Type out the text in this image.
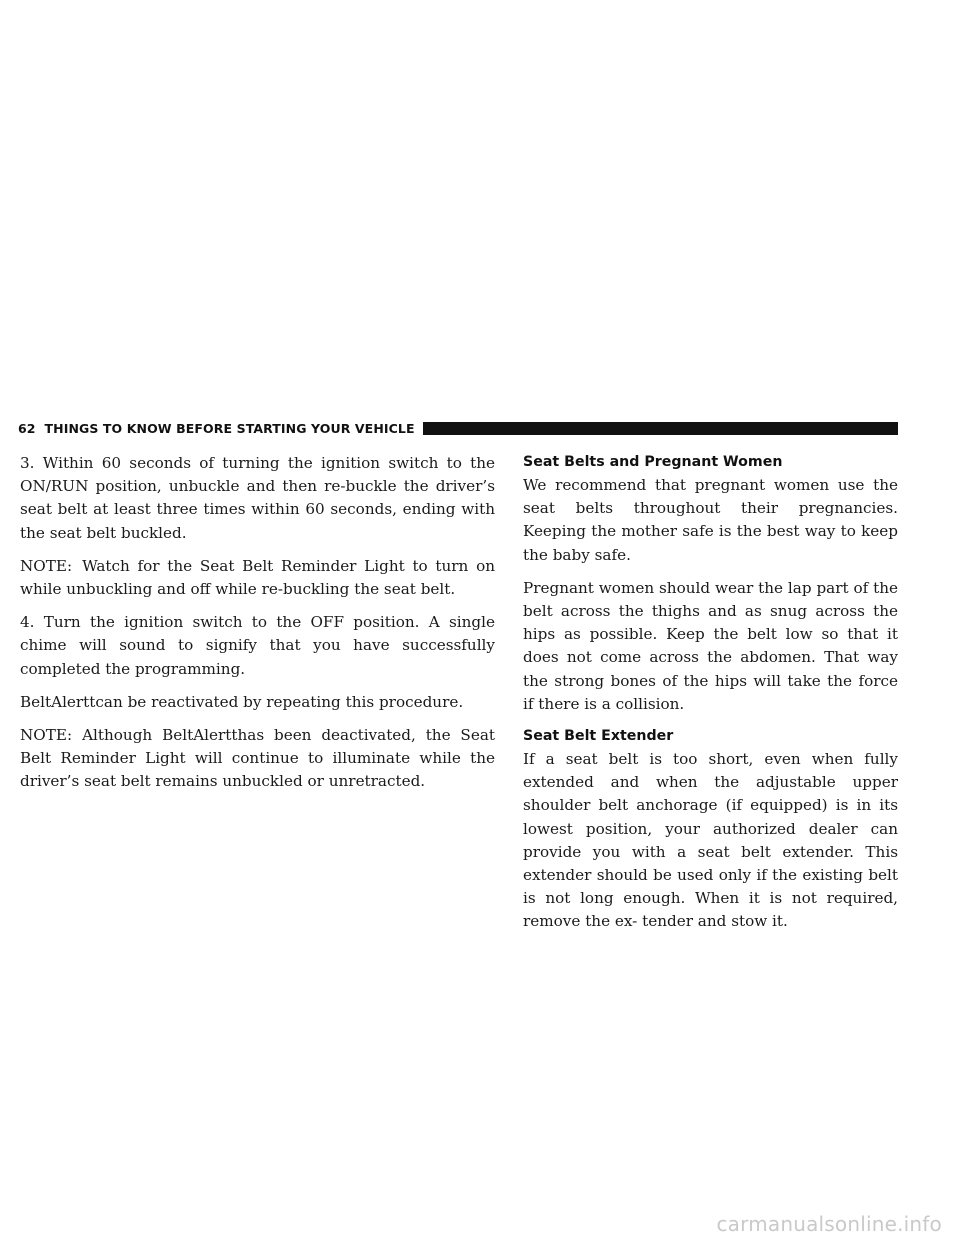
62 THINGS TO KNOW BEFORE STARTING YOUR VEHICLE

3. Within 60 seconds of turning the ignition switch to the ON/RUN position, unbuckle and then re-buckle the driver’s seat belt at least three times within 60 seconds, ending with the seat belt buckled.

NOTE: Watch for the Seat Belt Reminder Light to turn on while unbuckling and off while re-buckling the seat belt.

4. Turn the ignition switch to the OFF position. A single chime will sound to signify that you have successfully completed the programming.

BeltAlerttcan be reactivated by repeating this procedure.

NOTE: Although BeltAlertthas been deactivated, the Seat Belt Reminder Light will continue to illuminate while the driver’s seat belt remains unbuckled or unretracted.

Seat Belts and Pregnant Women

We recommend that pregnant women use the seat belts throughout their pregnancies. Keeping the mother safe is the best way to keep the baby safe.

Pregnant women should wear the lap part of the belt across the thighs and as snug across the hips as possible. Keep the belt low so that it does not come across the abdomen. That way the strong bones of the hips will take the force if there is a collision.

Seat Belt Extender

If a seat belt is too short, even when fully extended and when the adjustable upper shoulder belt anchorage (if equipped) is in its lowest position, your authorized dealer can provide you with a seat belt extender. This extender should be used only if the existing belt is not long enough. When it is not required, remove the ex- tender and stow it.

carmanualsonline.info
